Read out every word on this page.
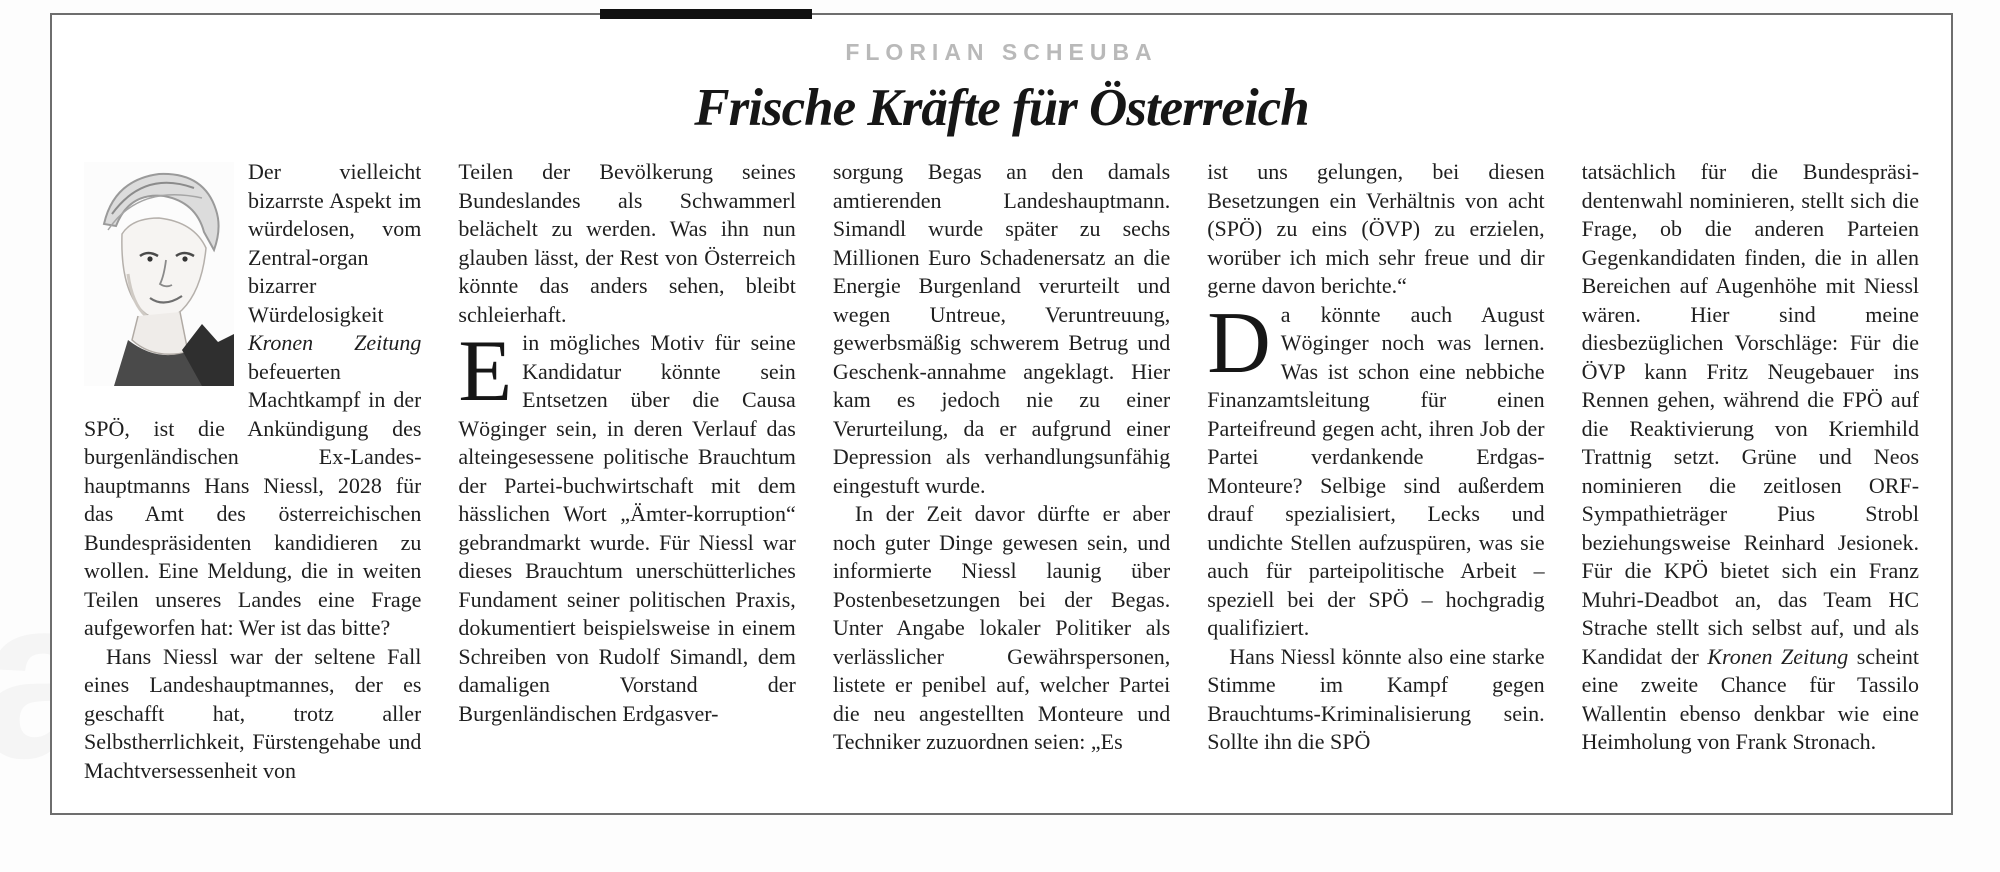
FLORIAN SCHEUBA
Frische Kräfte für Österreich

Der vielleicht bizarrste Aspekt im würdelosen, vom Zentral-organ bizarrer Würdelosigkeit Kronen Zeitung befeuerten Machtkampf in der SPÖ, ist die Ankündigung des burgenländischen Ex-Landes-hauptmanns Hans Niessl, 2028 für das Amt des österreichischen Bundespräsidenten kandidieren zu wollen. Eine Meldung, die in weiten Teilen unseres Landes eine Frage aufgeworfen hat: Wer ist das bitte?

Hans Niessl war der seltene Fall eines Landeshauptmannes, der es geschafft hat, trotz aller Selbstherrlichkeit, Fürstengehabe und Machtversessenheit von

Teilen der Bevölkerung seines Bundeslandes als Schwammerl belächelt zu werden. Was ihn nun glauben lässt, der Rest von Österreich könnte das anders sehen, bleibt schleierhaft.

Ein mögliches Motiv für seine Kandidatur könnte sein Entsetzen über die Causa Wöginger sein, in deren Verlauf das alteingesessene politische Brauchtum der Partei-buchwirtschaft mit dem hässlichen Wort „Ämter-korruption“ gebrandmarkt wurde. Für Niessl war dieses Brauchtum unerschütterliches Fundament seiner politischen Praxis, dokumentiert beispielsweise in einem Schreiben von Rudolf Simandl, dem damaligen Vorstand der Burgenländischen Erdgasver-

sorgung Begas an den damals amtierenden Landeshauptmann. Simandl wurde später zu sechs Millionen Euro Schadenersatz an die Energie Burgenland verurteilt und wegen Untreue, Veruntreuung, gewerbsmäßig schwerem Betrug und Geschenk-annahme angeklagt. Hier kam es jedoch nie zu einer Verurteilung, da er aufgrund einer Depression als verhandlungsunfähig eingestuft wurde.

In der Zeit davor dürfte er aber noch guter Dinge gewesen sein, und informierte Niessl launig über Postenbesetzungen bei der Begas. Unter Angabe lokaler Politiker als verlässlicher Gewährspersonen, listete er penibel auf, welcher Partei die neu angestellten Monteure und Techniker zuzuordnen seien: „Es

ist uns gelungen, bei diesen Besetzungen ein Verhältnis von acht (SPÖ) zu eins (ÖVP) zu erzielen, worüber ich mich sehr freue und dir gerne davon berichte.“

Da könnte auch August Wöginger noch was lernen. Was ist schon eine nebbiche Finanzamtsleitung für einen Parteifreund gegen acht, ihren Job der Partei verdankende Erdgas-Monteure? Selbige sind außerdem drauf spezialisiert, Lecks und undichte Stellen aufzuspüren, was sie auch für parteipolitische Arbeit – speziell bei der SPÖ – hochgradig qualifiziert.

Hans Niessl könnte also eine starke Stimme im Kampf gegen Brauchtums-Kriminalisierung sein. Sollte ihn die SPÖ

tatsächlich für die Bundespräsi-dentenwahl nominieren, stellt sich die Frage, ob die anderen Parteien Gegenkandidaten finden, die in allen Bereichen auf Augenhöhe mit Niessl wären. Hier sind meine diesbezüglichen Vorschläge: Für die ÖVP kann Fritz Neugebauer ins Rennen gehen, während die FPÖ auf die Reaktivierung von Kriemhild Trattnig setzt. Grüne und Neos nominieren die zeitlosen ORF-Sympathieträger Pius Strobl beziehungsweise Reinhard Jesionek. Für die KPÖ bietet sich ein Franz Muhri-Deadbot an, das Team HC Strache stellt sich selbst auf, und als Kandidat der Kronen Zeitung scheint eine zweite Chance für Tassilo Wallentin ebenso denkbar wie eine Heimholung von Frank Stronach.
